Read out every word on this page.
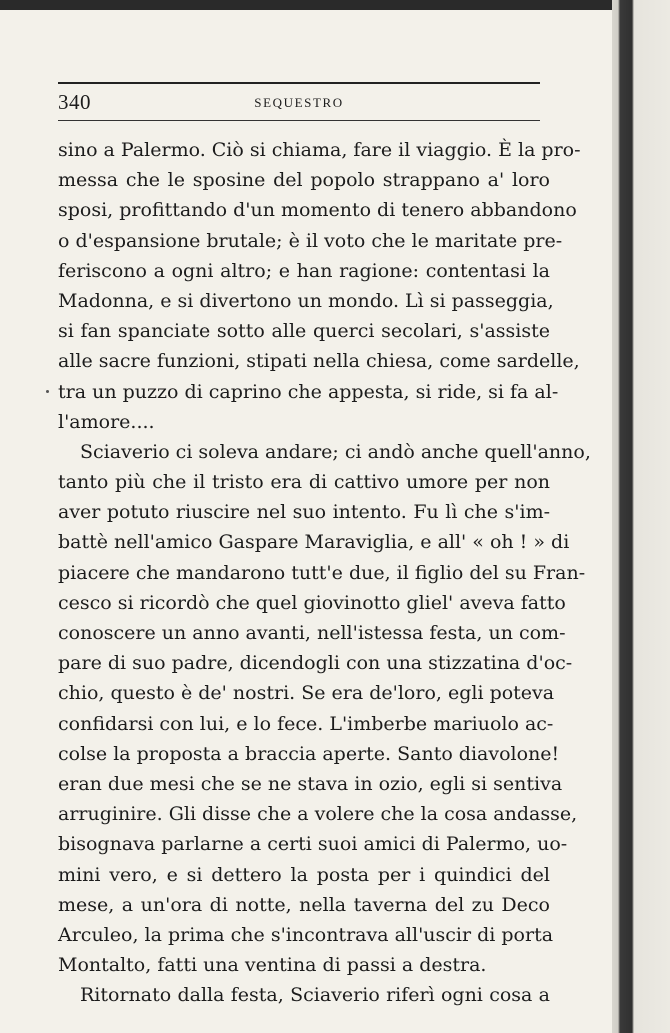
340	SEQUESTRO
sino a Palermo. Ciò si chiama, fare il viaggio. È la pro-
messa che le sposine del popolo strappano a' loro
sposi, profittando d'un momento di tenero abbandono
o d'espansione brutale; è il voto che le maritate pre-
feriscono a ogni altro; e han ragione: contentasi la
Madonna, e si divertono un mondo. Lì si passeggia,
si fan spanciate sotto alle querci secolari, s'assiste
alle sacre funzioni, stipati nella chiesa, come sardelle,
tra un puzzo di caprino che appesta, si ride, si fa al-
l'amore....
Sciaverio ci soleva andare; ci andò anche quell'anno,
tanto più che il tristo era di cattivo umore per non
aver potuto riuscire nel suo intento. Fu lì che s'im-
battè nell'amico Gaspare Maraviglia, e all' « oh ! » di
piacere che mandarono tutt'e due, il figlio del su Fran-
cesco si ricordò che quel giovinotto gliel' aveva fatto
conoscere un anno avanti, nell'istessa festa, un com-
pare di suo padre, dicendogli con una stizzatina d'oc-
chio, questo è de' nostri. Se era de'loro, egli poteva
confidarsi con lui, e lo fece. L'imberbe mariuolo ac-
colse la proposta a braccia aperte. Santo diavolone!
eran due mesi che se ne stava in ozio, egli si sentiva
arruginire. Gli disse che a volere che la cosa andasse,
bisognava parlarne a certi suoi amici di Palermo, uo-
mini vero, e si dettero la posta per i quindici del
mese, a un'ora di notte, nella taverna del zu Deco
Arculeo, la prima che s'incontrava all'uscir di porta
Montalto, fatti una ventina di passi a destra.
Ritornato dalla festa, Sciaverio riferì ogni cosa a
